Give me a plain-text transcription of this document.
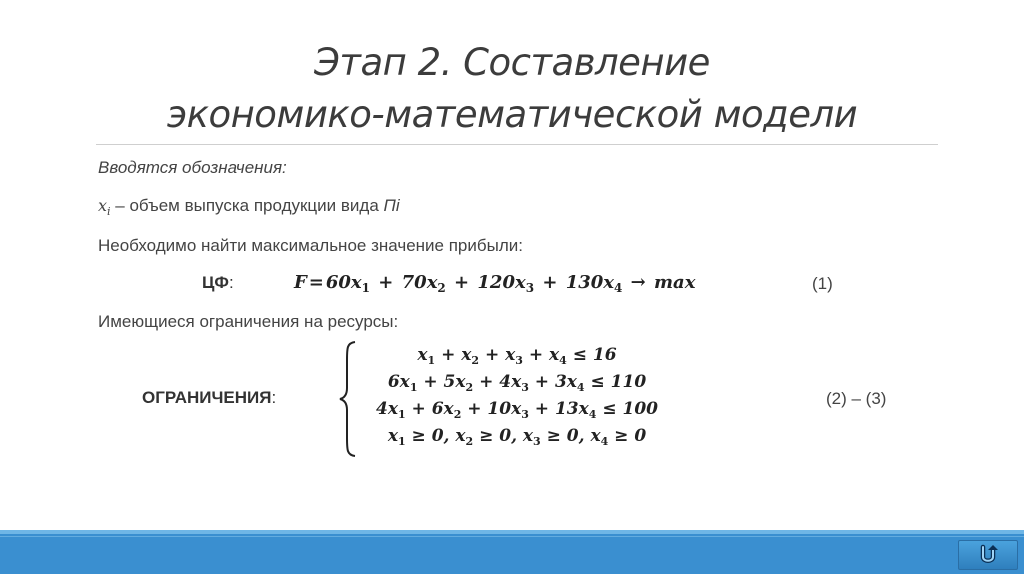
Этап 2. Составление
экономико-математической модели
Вводятся обозначения:
$x_i$ – объем выпуска продукции вида Пi
Необходимо найти максимальное значение прибыли:
ЦФ:	$F = 60x_1 + 70x_2 + 120x_3 + 130x_4 \to \max$	(1)
Имеющиеся ограничения на ресурсы:
$x_1 + x_2 + x_3 + x_4 \le 16$
$6x_1 + 5x_2 + 4x_3 + 3x_4 \le 110$
$4x_1 + 6x_2 + 10x_3 + 13x_4 \le 100$
$x_1 \ge 0$, $x_2 \ge 0$, $x_3 \ge 0$, $x_4 \ge 0$
ОГРАНИЧЕНИЯ:	(2) – (3)
